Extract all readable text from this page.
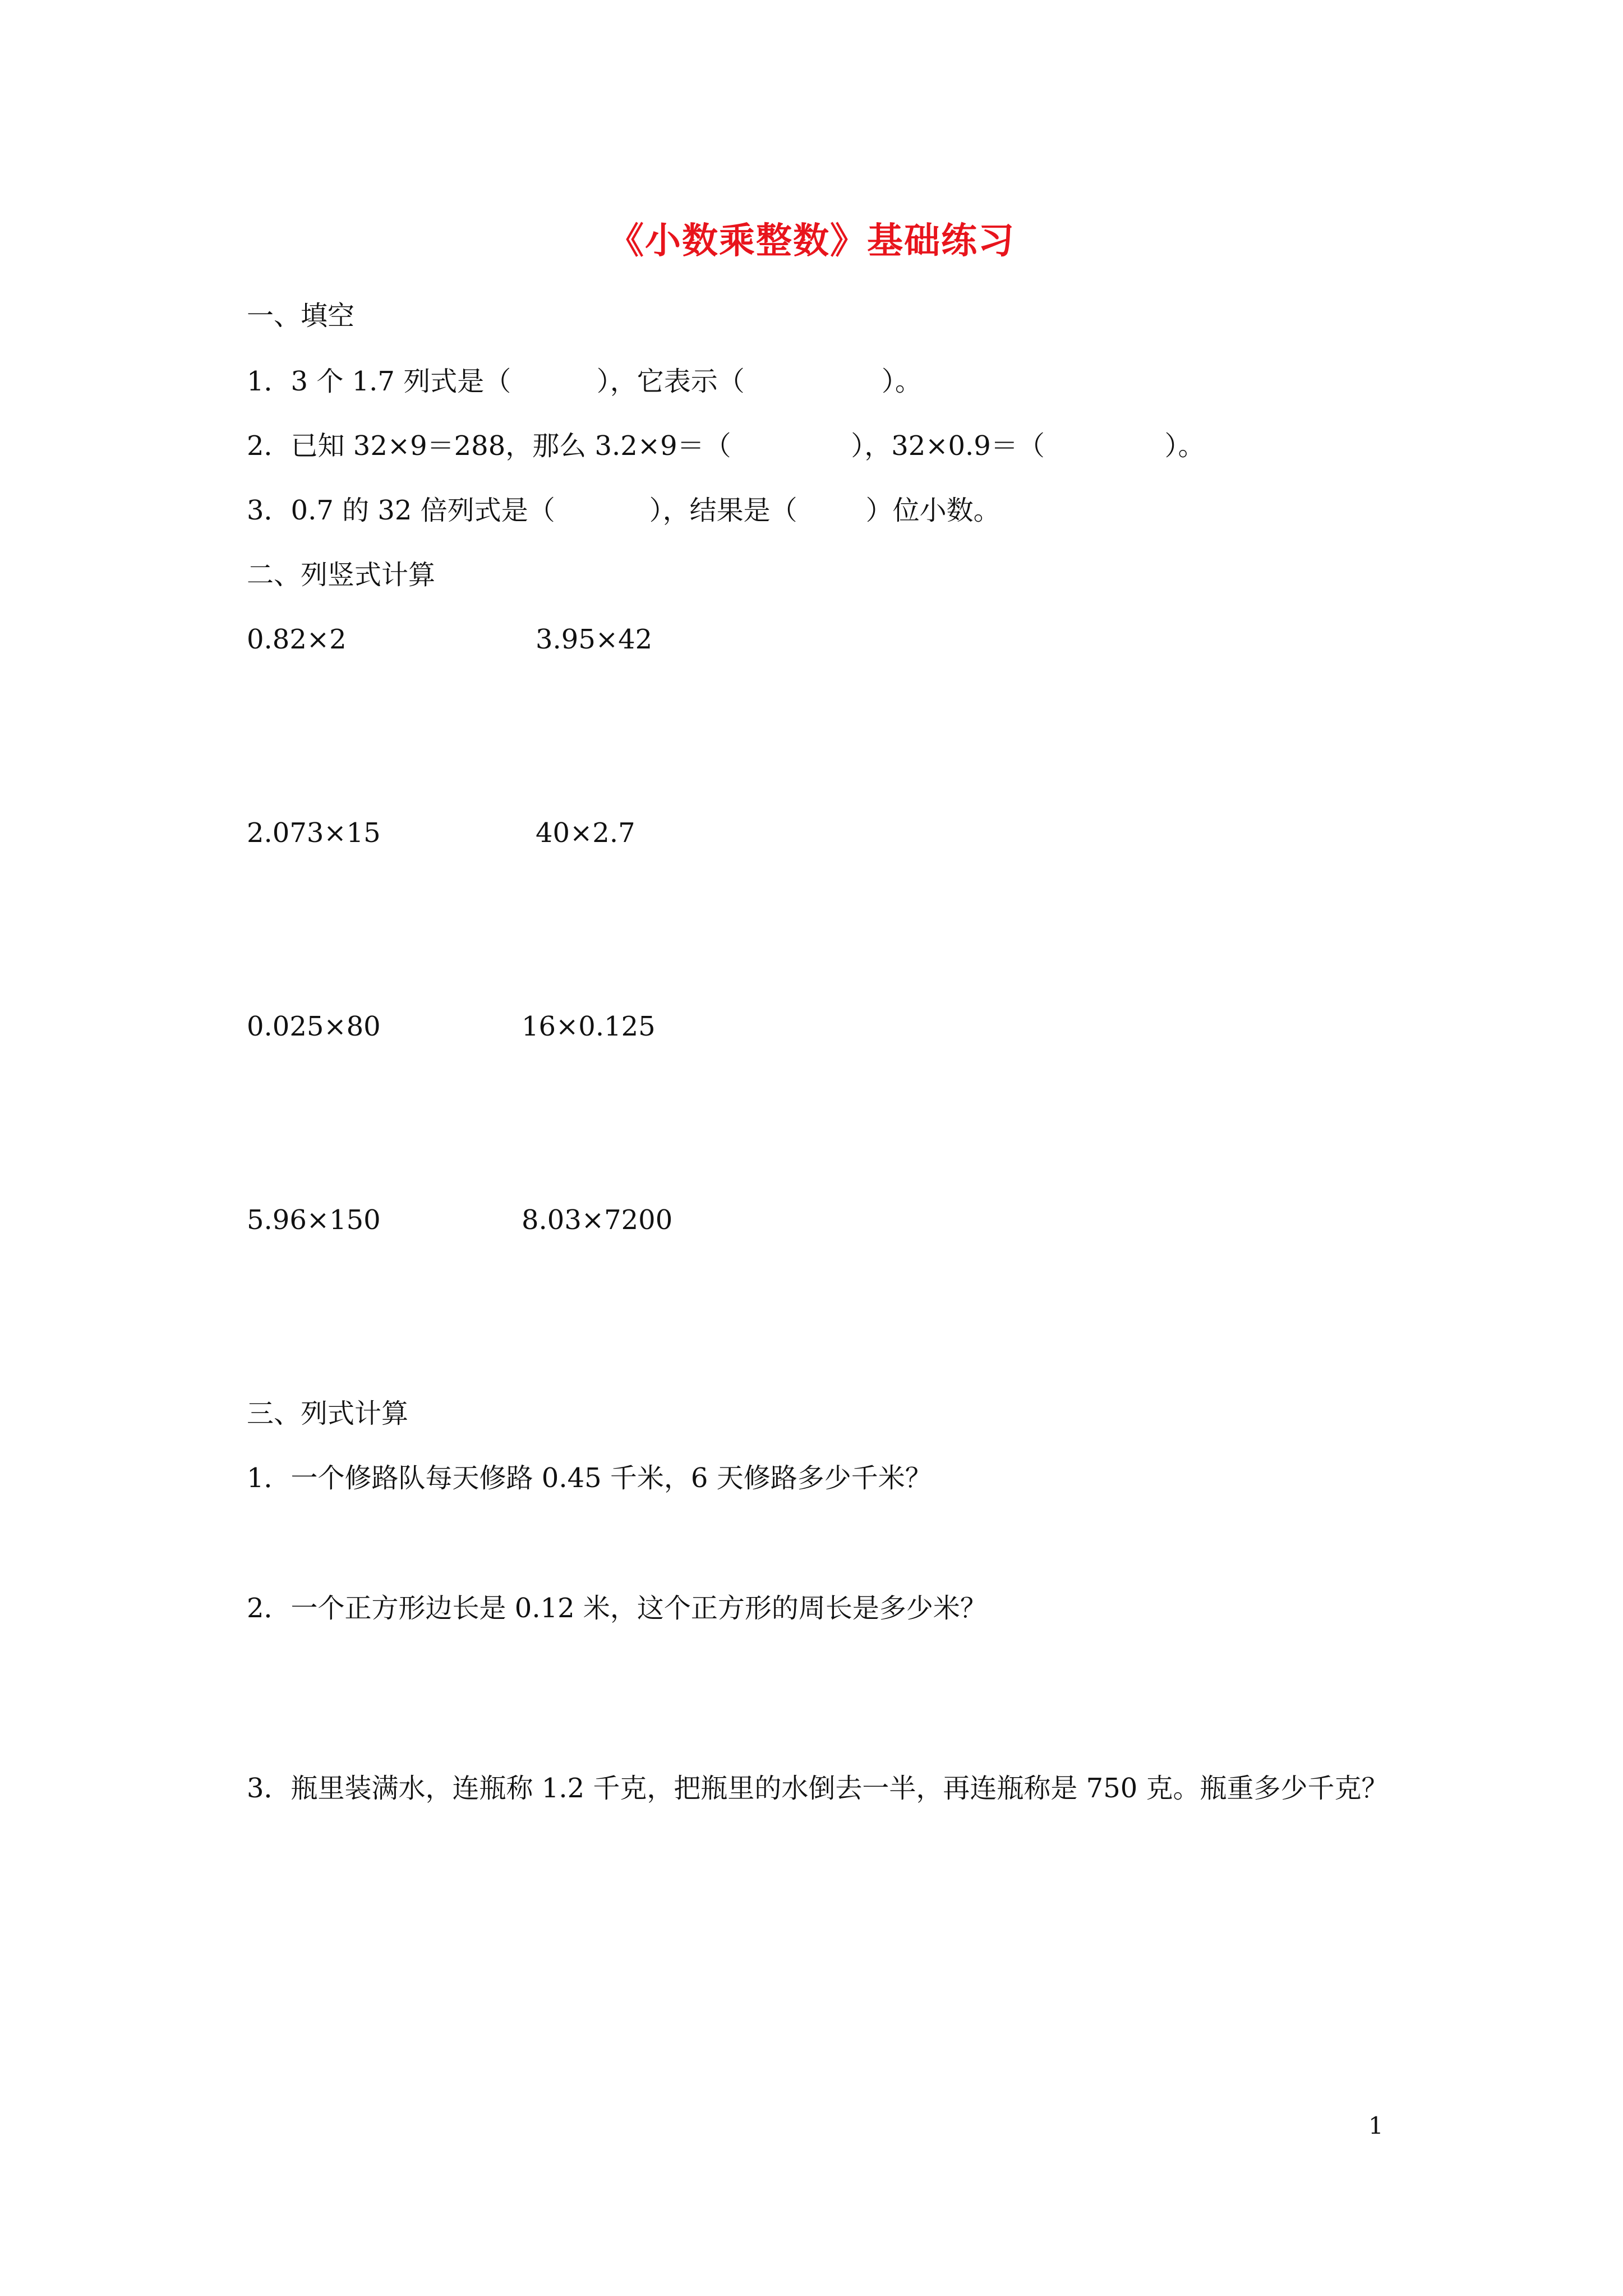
《小数乘整数》基础练习
一、填空
1．3 个 1.7 列式是（          ），它表示（                ）。
2．已知 32×9＝288，那么 3.2×9＝（              ），32×0.9＝（              ）。
3．0.7 的 32 倍列式是（           ），结果是（        ）位小数。
二、列竖式计算
0.82×2	3.95×42
2.073×15	40×2.7
0.025×80	16×0.125
5.96×150	8.03×7200
三、列式计算
1．一个修路队每天修路 0.45 千米，6 天修路多少千米？
2．一个正方形边长是 0.12 米，这个正方形的周长是多少米？
3．瓶里装满水，连瓶称 1.2 千克，把瓶里的水倒去一半，再连瓶称是 750 克。瓶重多少千克？
1
